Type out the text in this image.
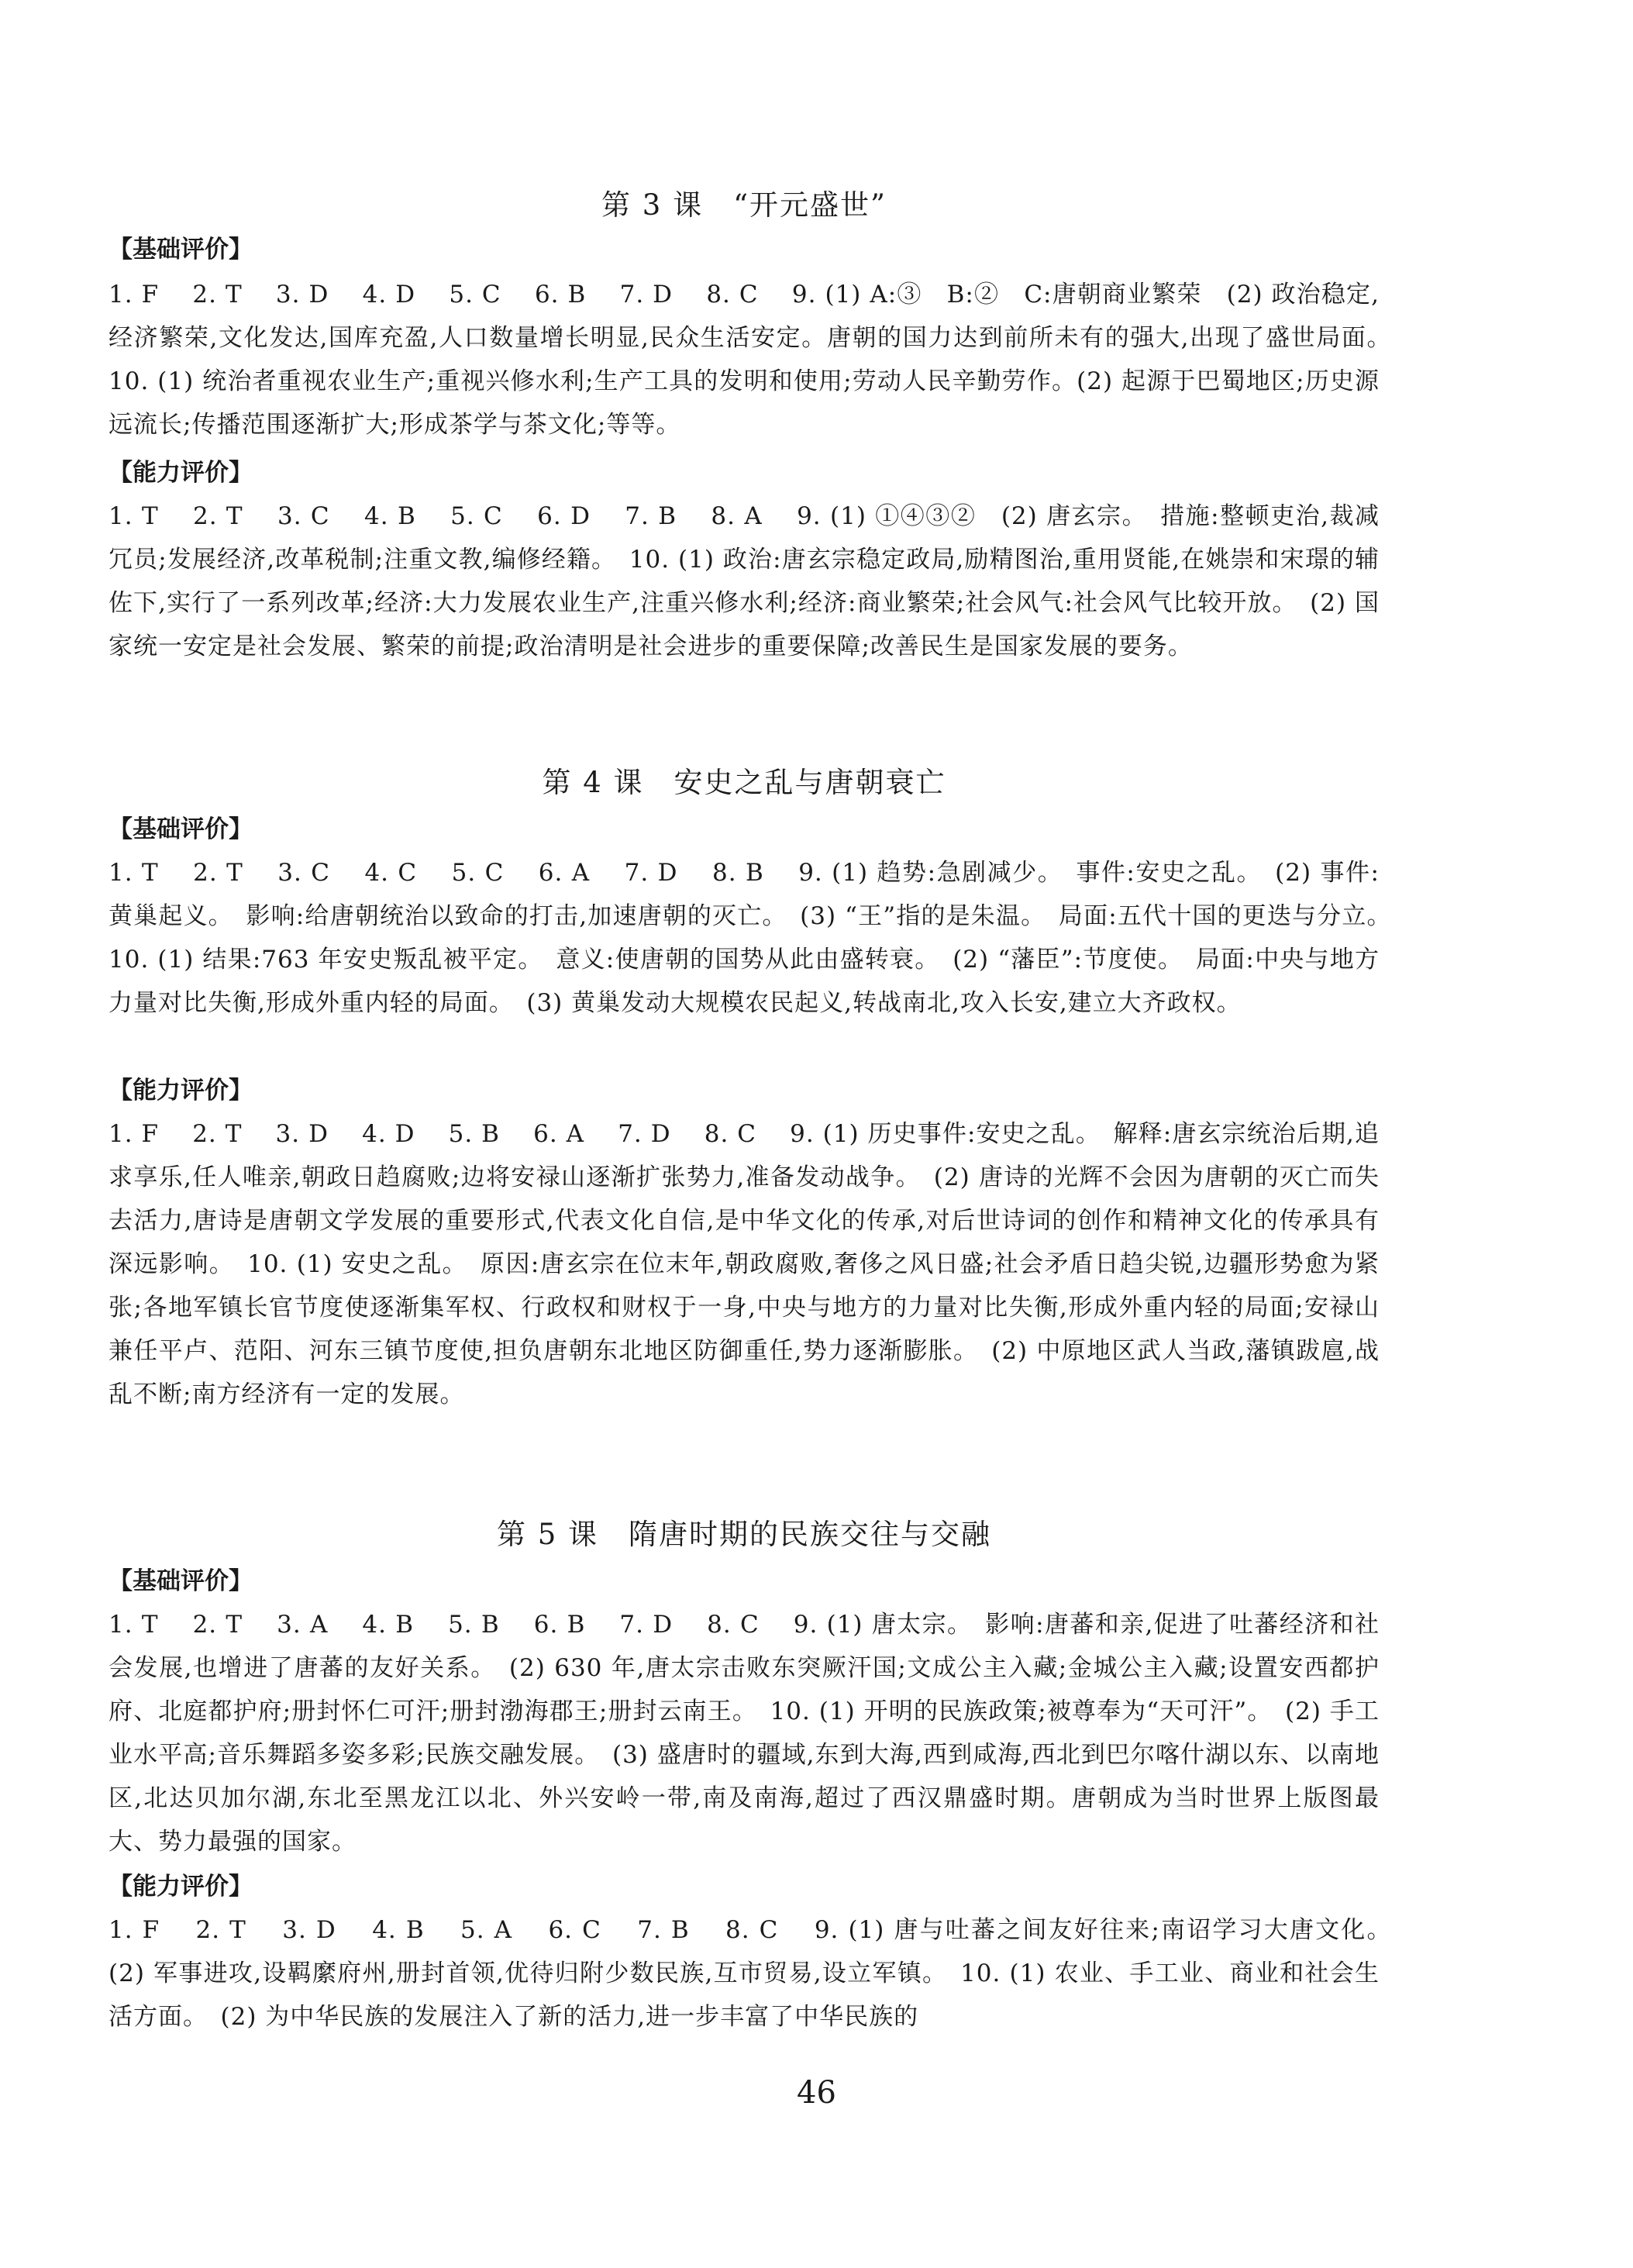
第 3 课　“开元盛世”
【基础评价】
1. F　 2. T　 3. D　 4. D　 5. C　 6. B　 7. D　 8. C　 9. (1) A:③　B:②　C:唐朝商业繁荣　(2) 政治稳定,经济繁荣,文化发达,国库充盈,人口数量增长明显,民众生活安定。唐朝的国力达到前所未有的强大,出现了盛世局面。　10. (1) 统治者重视农业生产;重视兴修水利;生产工具的发明和使用;劳动人民辛勤劳作。(2) 起源于巴蜀地区;历史源远流长;传播范围逐渐扩大;形成茶学与茶文化;等等。
【能力评价】
1. T　 2. T　 3. C　 4. B　 5. C　 6. D　 7. B　 8. A　 9. (1) ①④③②　(2) 唐玄宗。　措施:整顿吏治,裁减冗员;发展经济,改革税制;注重文教,编修经籍。　10. (1) 政治:唐玄宗稳定政局,励精图治,重用贤能,在姚崇和宋璟的辅佐下,实行了一系列改革;经济:大力发展农业生产,注重兴修水利;经济:商业繁荣;社会风气:社会风气比较开放。　(2) 国家统一安定是社会发展、繁荣的前提;政治清明是社会进步的重要保障;改善民生是国家发展的要务。
第 4 课　安史之乱与唐朝衰亡
【基础评价】
1. T　 2. T　 3. C　 4. C　 5. C　 6. A　 7. D　 8. B　 9. (1) 趋势:急剧减少。　事件:安史之乱。　(2) 事件:黄巢起义。　影响:给唐朝统治以致命的打击,加速唐朝的灭亡。　(3) “王”指的是朱温。　局面:五代十国的更迭与分立。　10. (1) 结果:763 年安史叛乱被平定。　意义:使唐朝的国势从此由盛转衰。　(2) “藩臣”:节度使。　局面:中央与地方力量对比失衡,形成外重内轻的局面。　(3) 黄巢发动大规模农民起义,转战南北,攻入长安,建立大齐政权。
【能力评价】
1. F　 2. T　 3. D　 4. D　 5. B　 6. A　 7. D　 8. C　 9. (1) 历史事件:安史之乱。　解释:唐玄宗统治后期,追求享乐,任人唯亲,朝政日趋腐败;边将安禄山逐渐扩张势力,准备发动战争。　(2) 唐诗的光辉不会因为唐朝的灭亡而失去活力,唐诗是唐朝文学发展的重要形式,代表文化自信,是中华文化的传承,对后世诗词的创作和精神文化的传承具有深远影响。　10. (1) 安史之乱。　原因:唐玄宗在位末年,朝政腐败,奢侈之风日盛;社会矛盾日趋尖锐,边疆形势愈为紧张;各地军镇长官节度使逐渐集军权、行政权和财权于一身,中央与地方的力量对比失衡,形成外重内轻的局面;安禄山兼任平卢、范阳、河东三镇节度使,担负唐朝东北地区防御重任,势力逐渐膨胀。　(2) 中原地区武人当政,藩镇跋扈,战乱不断;南方经济有一定的发展。
第 5 课　隋唐时期的民族交往与交融
【基础评价】
1. T　 2. T　 3. A　 4. B　 5. B　 6. B　 7. D　 8. C　 9. (1) 唐太宗。　影响:唐蕃和亲,促进了吐蕃经济和社会发展,也增进了唐蕃的友好关系。　(2) 630 年,唐太宗击败东突厥汗国;文成公主入藏;金城公主入藏;设置安西都护府、北庭都护府;册封怀仁可汗;册封渤海郡王;册封云南王。　10. (1) 开明的民族政策;被尊奉为“天可汗”。　(2) 手工业水平高;音乐舞蹈多姿多彩;民族交融发展。　(3) 盛唐时的疆域,东到大海,西到咸海,西北到巴尔喀什湖以东、以南地区,北达贝加尔湖,东北至黑龙江以北、外兴安岭一带,南及南海,超过了西汉鼎盛时期。唐朝成为当时世界上版图最大、势力最强的国家。
【能力评价】
1. F　 2. T　 3. D　 4. B　 5. A　 6. C　 7. B　 8. C　 9. (1) 唐与吐蕃之间友好往来;南诏学习大唐文化。　(2) 军事进攻,设羁縻府州,册封首领,优待归附少数民族,互市贸易,设立军镇。　10. (1) 农业、手工业、商业和社会生活方面。　(2) 为中华民族的发展注入了新的活力,进一步丰富了中华民族的
46
